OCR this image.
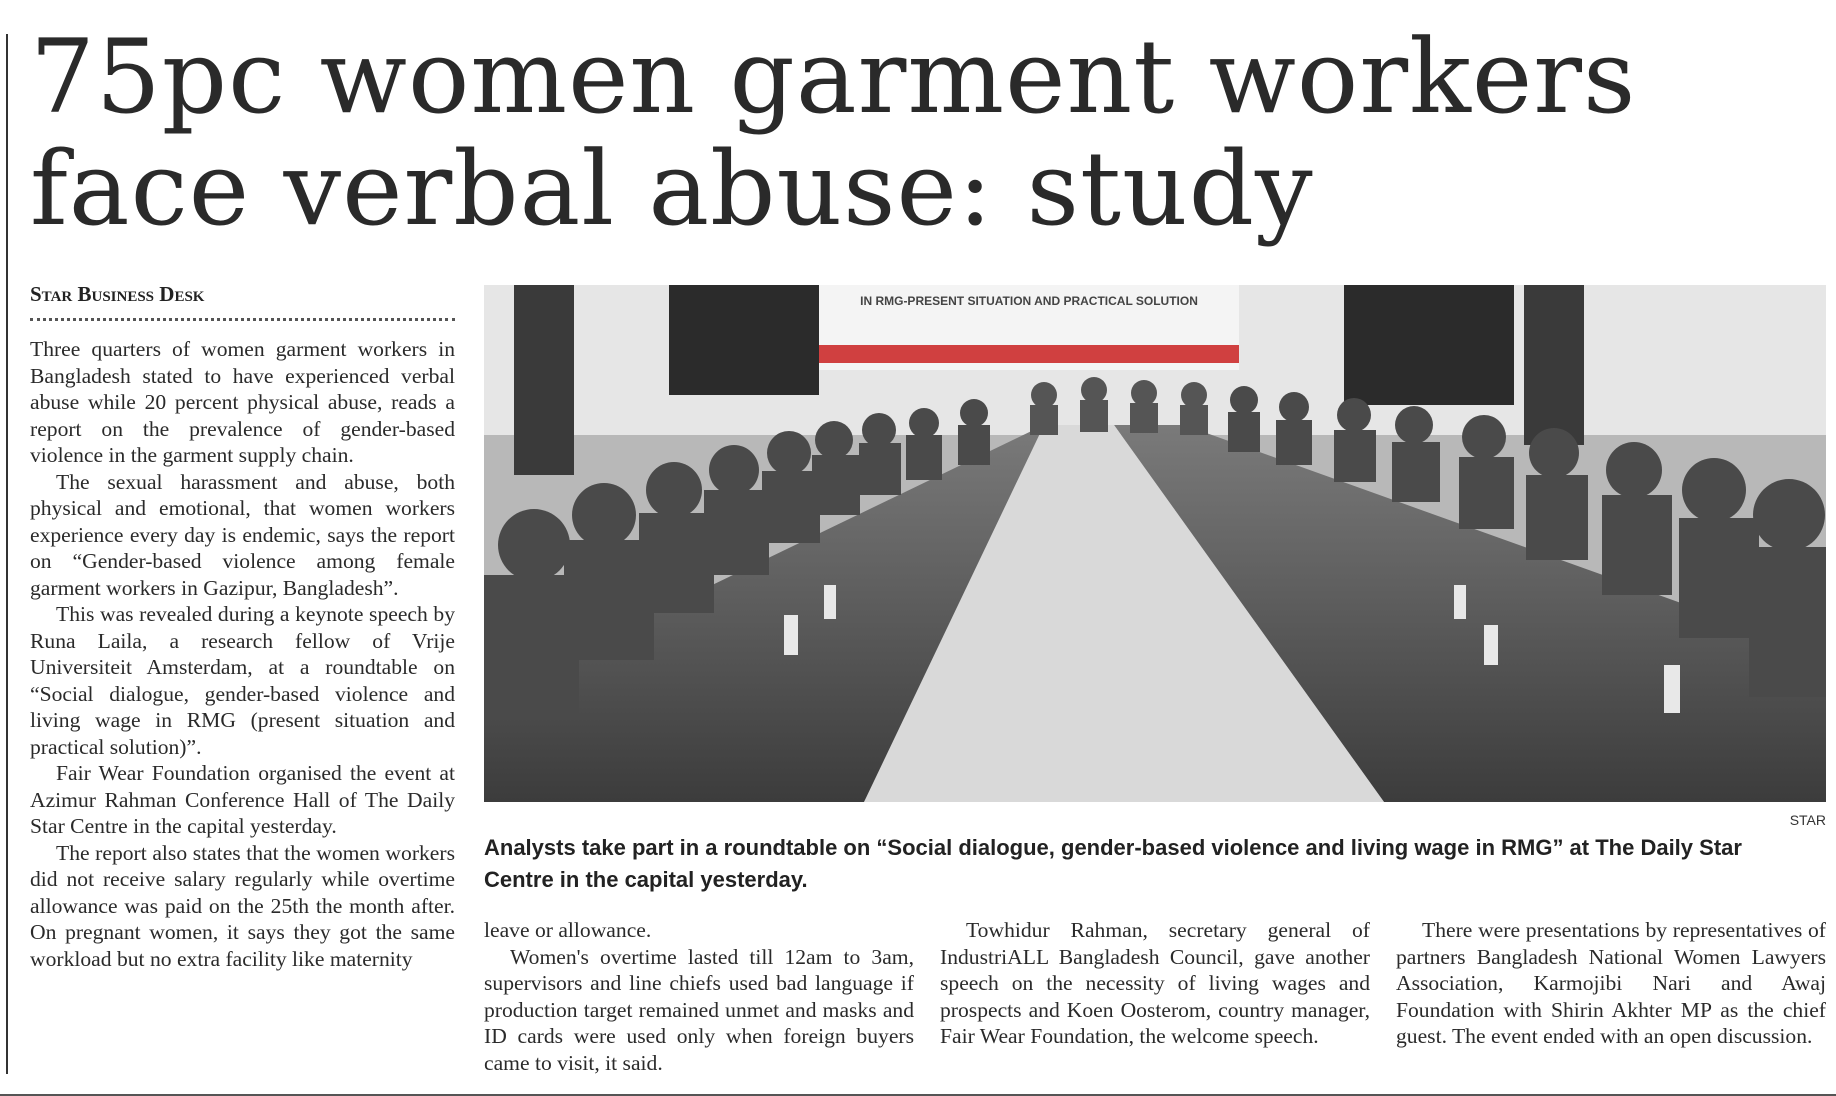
75pc women garment workers
face verbal abuse: study
Star Business Desk

Three quarters of women garment workers in Bangladesh stated to have experienced verbal abuse while 20 percent physical abuse, reads a report on the prevalence of gender-based violence in the garment supply chain.

The sexual harassment and abuse, both physical and emotional, that women workers experience every day is endemic, says the report on “Gender-based violence among female garment workers in Gazipur, Bangladesh”.

This was revealed during a keynote speech by Runa Laila, a research fellow of Vrije Universiteit Amsterdam, at a roundtable on “Social dialogue, gender-based violence and living wage in RMG (present situation and practical solution)”.

Fair Wear Foundation organised the event at Azimur Rahman Conference Hall of The Daily Star Centre in the capital yesterday.

The report also states that the women workers did not receive salary regularly while overtime allowance was paid on the 25th the month after. On pregnant women, it says they got the same workload but no extra facility like maternity

IN RMG-PRESENT SITUATION AND PRACTICAL SOLUTION
STAR
Analysts take part in a roundtable on “Social dialogue, gender-based violence and living wage in RMG” at The Daily Star Centre in the capital yesterday.

leave or allowance.

Women's overtime lasted till 12am to 3am, supervisors and line chiefs used bad language if production target remained unmet and masks and ID cards were used only when foreign buyers came to visit, it said.

Towhidur Rahman, secretary general of IndustriALL Bangladesh Council, gave another speech on the necessity of living wages and prospects and Koen Oosterom, country manager, Fair Wear Foundation, the welcome speech.

There were presentations by representatives of partners Bangladesh National Women Lawyers Association, Karmojibi Nari and Awaj Foundation with Shirin Akhter MP as the chief guest. The event ended with an open discussion.
